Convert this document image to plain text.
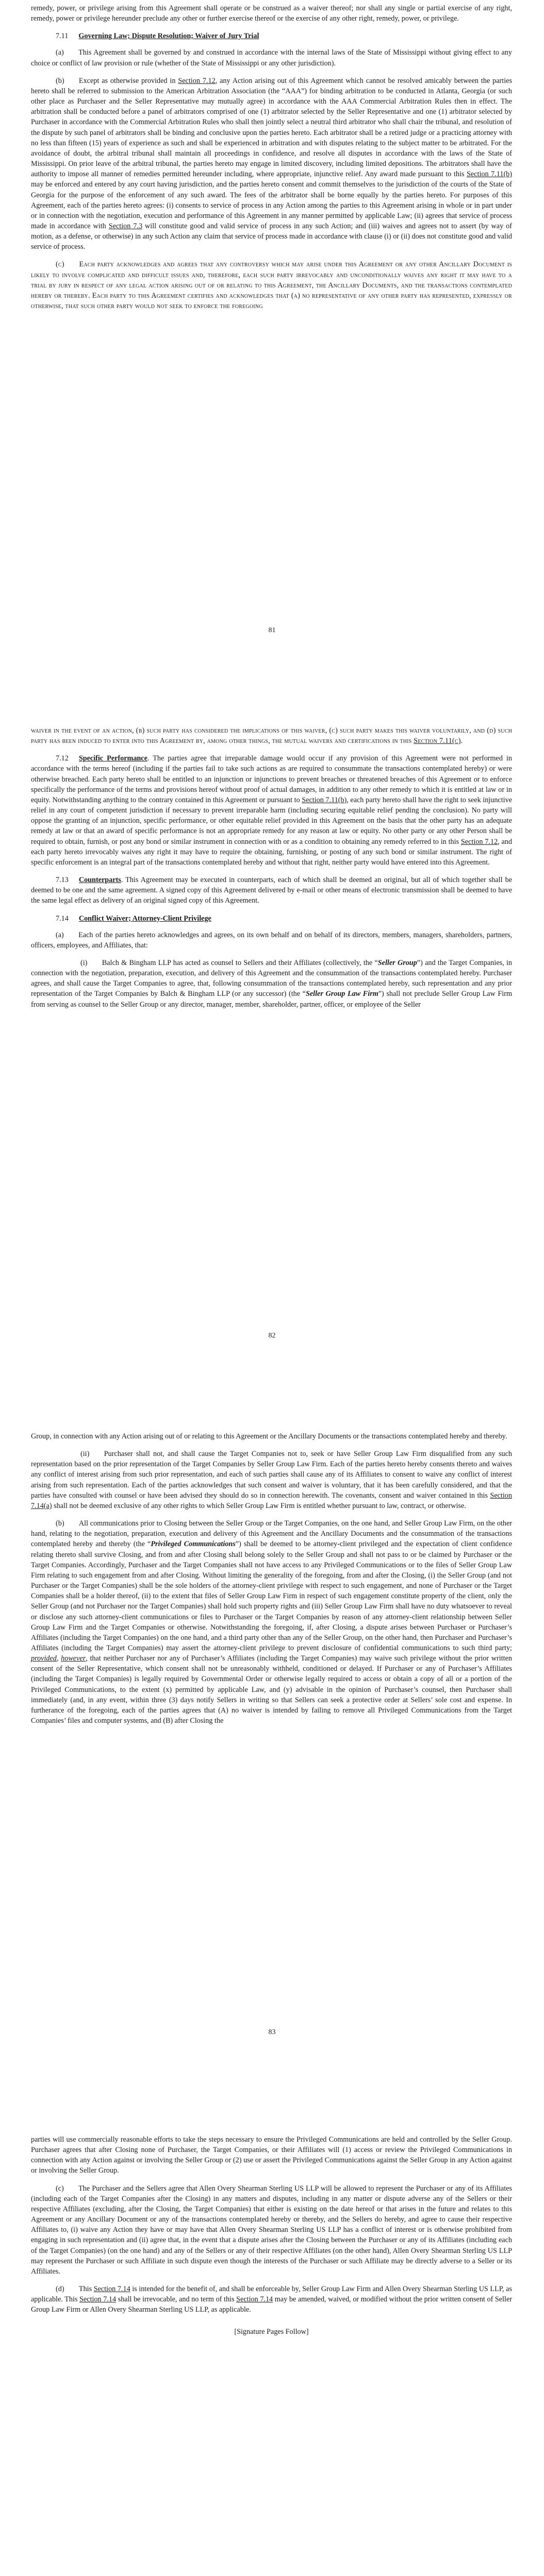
remedy, power, or privilege arising from this Agreement shall operate or be construed as a waiver thereof; nor shall any single or partial exercise of any right, remedy, power or privilege hereunder preclude any other or further exercise thereof or the exercise of any other right, remedy, power, or privilege.

7.11 Governing Law; Dispute Resolution; Waiver of Jury Trial

(a)  This Agreement shall be governed by and construed in accordance with the internal laws of the State of Mississippi without giving effect to any choice or conflict of law provision or rule (whether of the State of Mississippi or any other jurisdiction).

(b)  Except as otherwise provided in Section 7.12, any Action arising out of this Agreement which cannot be resolved amicably between the parties hereto shall be referred to submission to the American Arbitration Association (the “AAA”) for binding arbitration to be conducted in Atlanta, Georgia (or such other place as Purchaser and the Seller Representative may mutually agree) in accordance with the AAA Commercial Arbitration Rules then in effect. The arbitration shall be conducted before a panel of arbitrators comprised of one (1) arbitrator selected by the Seller Representative and one (1) arbitrator selected by Purchaser in accordance with the Commercial Arbitration Rules who shall then jointly select a neutral third arbitrator who shall chair the tribunal, and resolution of the dispute by such panel of arbitrators shall be binding and conclusive upon the parties hereto. Each arbitrator shall be a retired judge or a practicing attorney with no less than fifteen (15) years of experience as such and shall be experienced in arbitration and with disputes relating to the subject matter to be arbitrated. For the avoidance of doubt, the arbitral tribunal shall maintain all proceedings in confidence, and resolve all disputes in accordance with the laws of the State of Mississippi. On prior leave of the arbitral tribunal, the parties hereto may engage in limited discovery, including limited depositions. The arbitrators shall have the authority to impose all manner of remedies permitted hereunder including, where appropriate, injunctive relief. Any award made pursuant to this Section 7.11(b) may be enforced and entered by any court having jurisdiction, and the parties hereto consent and commit themselves to the jurisdiction of the courts of the State of Georgia for the purpose of the enforcement of any such award. The fees of the arbitrator shall be borne equally by the parties hereto. For purposes of this Agreement, each of the parties hereto agrees: (i) consents to service of process in any Action among the parties to this Agreement arising in whole or in part under or in connection with the negotiation, execution and performance of this Agreement in any manner permitted by applicable Law; (ii) agrees that service of process made in accordance with Section 7.3 will constitute good and valid service of process in any such Action; and (iii) waives and agrees not to assert (by way of motion, as a defense, or otherwise) in any such Action any claim that service of process made in accordance with clause (i) or (ii) does not constitute good and valid service of process.

(c)  Each party acknowledges and agrees that any controversy which may arise under this Agreement or any other Ancillary Document is likely to involve complicated and difficult issues and, therefore, each such party irrevocably and unconditionally waives any right it may have to a trial by jury in respect of any legal action arising out of or relating to this Agreement, the Ancillary Documents, and the transactions contemplated hereby or thereby. Each party to this Agreement certifies and acknowledges that (a) no representative of any other party has represented, expressly or otherwise, that such other party would not seek to enforce the foregoing

81

waiver in the event of an action, (b) such party has considered the implications of this waiver, (c) such party makes this waiver voluntarily, and (d) such party has been induced to enter into this Agreement by, among other things, the mutual waivers and certifications in this Section 7.11(c).

7.12 Specific Performance. The parties agree that irreparable damage would occur if any provision of this Agreement were not performed in accordance with the terms hereof (including if the parties fail to take such actions as are required to consummate the transactions contemplated hereby) or were otherwise breached. Each party hereto shall be entitled to an injunction or injunctions to prevent breaches or threatened breaches of this Agreement or to enforce specifically the performance of the terms and provisions hereof without proof of actual damages, in addition to any other remedy to which it is entitled at law or in equity. Notwithstanding anything to the contrary contained in this Agreement or pursuant to Section 7.11(b), each party hereto shall have the right to seek injunctive relief in any court of competent jurisdiction if necessary to prevent irreparable harm (including securing equitable relief pending the conclusion). No party will oppose the granting of an injunction, specific performance, or other equitable relief provided in this Agreement on the basis that the other party has an adequate remedy at law or that an award of specific performance is not an appropriate remedy for any reason at law or equity. No other party or any other Person shall be required to obtain, furnish, or post any bond or similar instrument in connection with or as a condition to obtaining any remedy referred to in this Section 7.12, and each party hereto irrevocably waives any right it may have to require the obtaining, furnishing, or posting of any such bond or similar instrument. The right of specific enforcement is an integral part of the transactions contemplated hereby and without that right, neither party would have entered into this Agreement.

7.13 Counterparts. This Agreement may be executed in counterparts, each of which shall be deemed an original, but all of which together shall be deemed to be one and the same agreement. A signed copy of this Agreement delivered by e-mail or other means of electronic transmission shall be deemed to have the same legal effect as delivery of an original signed copy of this Agreement.

7.14 Conflict Waiver; Attorney-Client Privilege

(a)  Each of the parties hereto acknowledges and agrees, on its own behalf and on behalf of its directors, members, managers, shareholders, partners, officers, employees, and Affiliates, that:

(i)  Balch & Bingham LLP has acted as counsel to Sellers and their Affiliates (collectively, the “Seller Group”) and the Target Companies, in connection with the negotiation, preparation, execution, and delivery of this Agreement and the consummation of the transactions contemplated hereby. Purchaser agrees, and shall cause the Target Companies to agree, that, following consummation of the transactions contemplated hereby, such representation and any prior representation of the Target Companies by Balch & Bingham LLP (or any successor) (the “Seller Group Law Firm”) shall not preclude Seller Group Law Firm from serving as counsel to the Seller Group or any director, manager, member, shareholder, partner, officer, or employee of the Seller

82

Group, in connection with any Action arising out of or relating to this Agreement or the Ancillary Documents or the transactions contemplated hereby and thereby.

(ii)  Purchaser shall not, and shall cause the Target Companies not to, seek or have Seller Group Law Firm disqualified from any such representation based on the prior representation of the Target Companies by Seller Group Law Firm. Each of the parties hereto hereby consents thereto and waives any conflict of interest arising from such prior representation, and each of such parties shall cause any of its Affiliates to consent to waive any conflict of interest arising from such representation. Each of the parties acknowledges that such consent and waiver is voluntary, that it has been carefully considered, and that the parties have consulted with counsel or have been advised they should do so in connection herewith. The covenants, consent and waiver contained in this Section 7.14(a) shall not be deemed exclusive of any other rights to which Seller Group Law Firm is entitled whether pursuant to law, contract, or otherwise.

(b)  All communications prior to Closing between the Seller Group or the Target Companies, on the one hand, and Seller Group Law Firm, on the other hand, relating to the negotiation, preparation, execution and delivery of this Agreement and the Ancillary Documents and the consummation of the transactions contemplated hereby and thereby (the “Privileged Communications”) shall be deemed to be attorney-client privileged and the expectation of client confidence relating thereto shall survive Closing, and from and after Closing shall belong solely to the Seller Group and shall not pass to or be claimed by Purchaser or the Target Companies. Accordingly, Purchaser and the Target Companies shall not have access to any Privileged Communications or to the files of Seller Group Law Firm relating to such engagement from and after Closing. Without limiting the generality of the foregoing, from and after the Closing, (i) the Seller Group (and not Purchaser or the Target Companies) shall be the sole holders of the attorney-client privilege with respect to such engagement, and none of Purchaser or the Target Companies shall be a holder thereof, (ii) to the extent that files of Seller Group Law Firm in respect of such engagement constitute property of the client, only the Seller Group (and not Purchaser nor the Target Companies) shall hold such property rights and (iii) Seller Group Law Firm shall have no duty whatsoever to reveal or disclose any such attorney-client communications or files to Purchaser or the Target Companies by reason of any attorney-client relationship between Seller Group Law Firm and the Target Companies or otherwise. Notwithstanding the foregoing, if, after Closing, a dispute arises between Purchaser or Purchaser’s Affiliates (including the Target Companies) on the one hand, and a third party other than any of the Seller Group, on the other hand, then Purchaser and Purchaser’s Affiliates (including the Target Companies) may assert the attorney-client privilege to prevent disclosure of confidential communications to such third party; provided, however, that neither Purchaser nor any of Purchaser’s Affiliates (including the Target Companies) may waive such privilege without the prior written consent of the Seller Representative, which consent shall not be unreasonably withheld, conditioned or delayed. If Purchaser or any of Purchaser’s Affiliates (including the Target Companies) is legally required by Governmental Order or otherwise legally required to access or obtain a copy of all or a portion of the Privileged Communications, to the extent (x) permitted by applicable Law, and (y) advisable in the opinion of Purchaser’s counsel, then Purchaser shall immediately (and, in any event, within three (3) days notify Sellers in writing so that Sellers can seek a protective order at Sellers’ sole cost and expense. In furtherance of the foregoing, each of the parties agrees that (A) no waiver is intended by failing to remove all Privileged Communications from the Target Companies’ files and computer systems, and (B) after Closing the

83

parties will use commercially reasonable efforts to take the steps necessary to ensure the Privileged Communications are held and controlled by the Seller Group. Purchaser agrees that after Closing none of Purchaser, the Target Companies, or their Affiliates will (1) access or review the Privileged Communications in connection with any Action against or involving the Seller Group or (2) use or assert the Privileged Communications against the Seller Group in any Action against or involving the Seller Group.

(c)  The Purchaser and the Sellers agree that Allen Overy Shearman Sterling US LLP will be allowed to represent the Purchaser or any of its Affiliates (including each of the Target Companies after the Closing) in any matters and disputes, including in any matter or dispute adverse any of the Sellers or their respective Affiliates (excluding, after the Closing, the Target Companies) that either is existing on the date hereof or that arises in the future and relates to this Agreement or any Ancillary Document or any of the transactions contemplated hereby or thereby, and the Sellers do hereby, and agree to cause their respective Affiliates to, (i) waive any Action they have or may have that Allen Overy Shearman Sterling US LLP has a conflict of interest or is otherwise prohibited from engaging in such representation and (ii) agree that, in the event that a dispute arises after the Closing between the Purchaser or any of its Affiliates (including each of the Target Companies) (on the one hand) and any of the Sellers or any of their respective Affiliates (on the other hand), Allen Overy Shearman Sterling US LLP may represent the Purchaser or such Affiliate in such dispute even though the interests of the Purchaser or such Affiliate may be directly adverse to a Seller or its Affiliates.

(d)  This Section 7.14 is intended for the benefit of, and shall be enforceable by, Seller Group Law Firm and Allen Overy Shearman Sterling US LLP, as applicable. This Section 7.14 shall be irrevocable, and no term of this Section 7.14 may be amended, waived, or modified without the prior written consent of Seller Group Law Firm or Allen Overy Shearman Sterling US LLP, as applicable.

[Signature Pages Follow]
